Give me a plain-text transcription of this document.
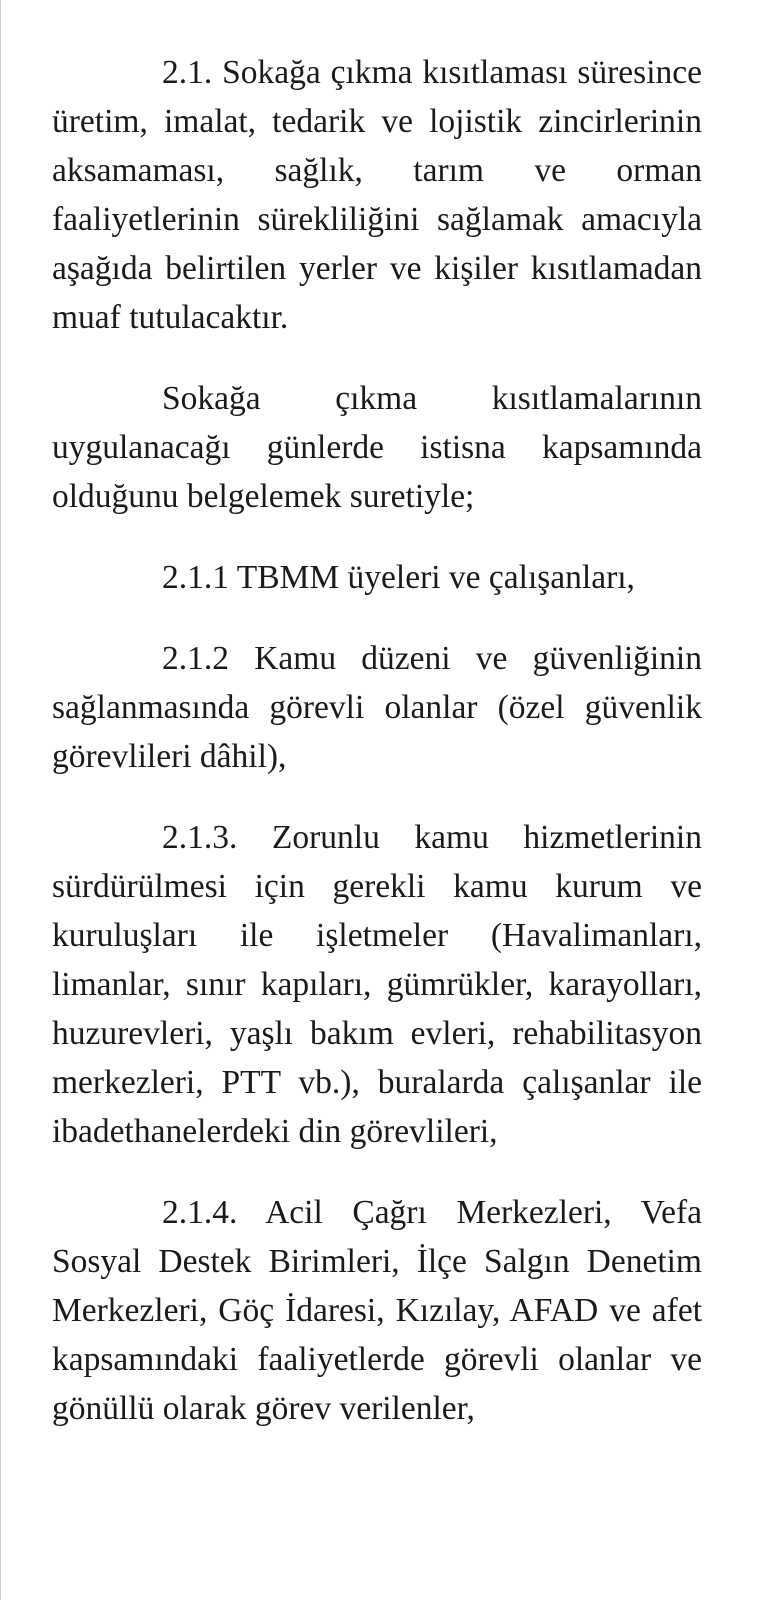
2.1. Sokağa çıkma kısıtlaması süresince üretim, imalat, tedarik ve lojistik zincirlerinin aksamaması, sağlık, tarım ve orman faaliyetlerinin sürekliliğini sağlamak amacıyla aşağıda belirtilen yerler ve kişiler kısıtlamadan muaf tutulacaktır.

Sokağa çıkma kısıtlamalarının uygulanacağı günlerde istisna kapsamında olduğunu belgelemek suretiyle;

2.1.1 TBMM üyeleri ve çalışanları,

2.1.2 Kamu düzeni ve güvenliğinin sağlanmasında görevli olanlar (özel güvenlik görevlileri dâhil),

2.1.3. Zorunlu kamu hizmetlerinin sürdürülmesi için gerekli kamu kurum ve kuruluşları ile işletmeler (Havalimanları, limanlar, sınır kapıları, gümrükler, karayolları, huzurevleri, yaşlı bakım evleri, rehabilitasyon merkezleri, PTT vb.), buralarda çalışanlar ile ibadethanelerdeki din görevlileri,

2.1.4. Acil Çağrı Merkezleri, Vefa Sosyal Destek Birimleri, İlçe Salgın Denetim Merkezleri, Göç İdaresi, Kızılay, AFAD ve afet kapsamındaki faaliyetlerde görevli olanlar ve gönüllü olarak görev verilenler,
